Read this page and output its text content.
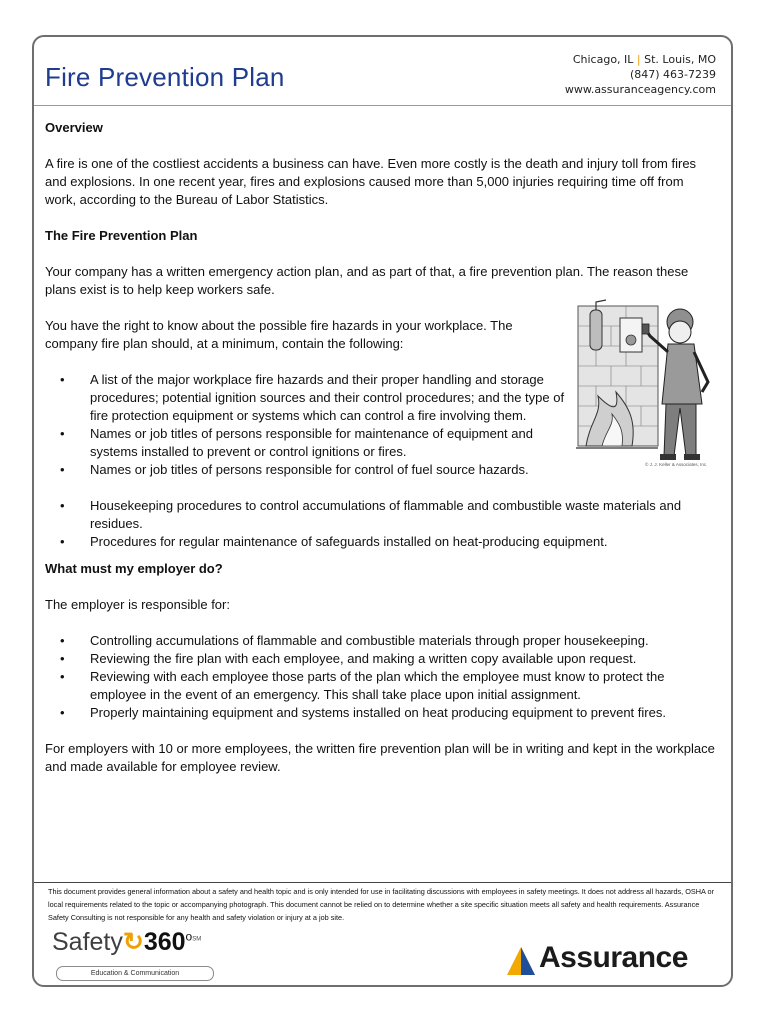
Fire Prevention Plan
Chicago, IL | St. Louis, MO
(847) 463-7239
www.assuranceagency.com

Overview

A fire is one of the costliest accidents a business can have. Even more costly is the death and injury toll from fires and explosions. In one recent year, fires and explosions caused more than 5,000 injuries requiring time off from work, according to the Bureau of Labor Statistics.

The Fire Prevention Plan

Your company has a written emergency action plan, and as part of that, a fire prevention plan. The reason these plans exist is to help keep workers safe.

You have the right to know about the possible fire hazards in your workplace. The company fire plan should, at a minimum, contain the following:

• A list of the major workplace fire hazards and their proper handling and storage procedures; potential ignition sources and their control procedures; and the type of fire protection equipment or systems which can control a fire involving them.
• Names or job titles of persons responsible for maintenance of equipment and systems installed to prevent or control ignitions or fires.
• Names or job titles of persons responsible for control of fuel source hazards.

• Housekeeping procedures to control accumulations of flammable and combustible waste materials and residues.
• Procedures for regular maintenance of safeguards installed on heat-producing equipment.

What must my employer do?

The employer is responsible for:

• Controlling accumulations of flammable and combustible materials through proper housekeeping.
• Reviewing the fire plan with each employee, and making a written copy available upon request.
• Reviewing with each employee those parts of the plan which the employee must know to protect the employee in the event of an emergency. This shall take place upon initial assignment.
• Properly maintaining equipment and systems installed on heat producing equipment to prevent fires.

For employers with 10 or more employees, the written fire prevention plan will be in writing and kept in the workplace and made available for employee review.

© J. J. Keller & Associates, Inc.
This document provides general information about a safety and health topic and is only intended for use in facilitating discussions with employees in safety meetings. It does not address all hazards, OSHA or local requirements related to the topic or accompanying photograph. This document cannot be relied on to determine whether a site specific situation meets all safety and health requirements. Assurance Safety Consulting is not responsible for any health and safety violation or injury at a job site.
$Safety↻360^{oSM}$
Education & Communication	Assurance
